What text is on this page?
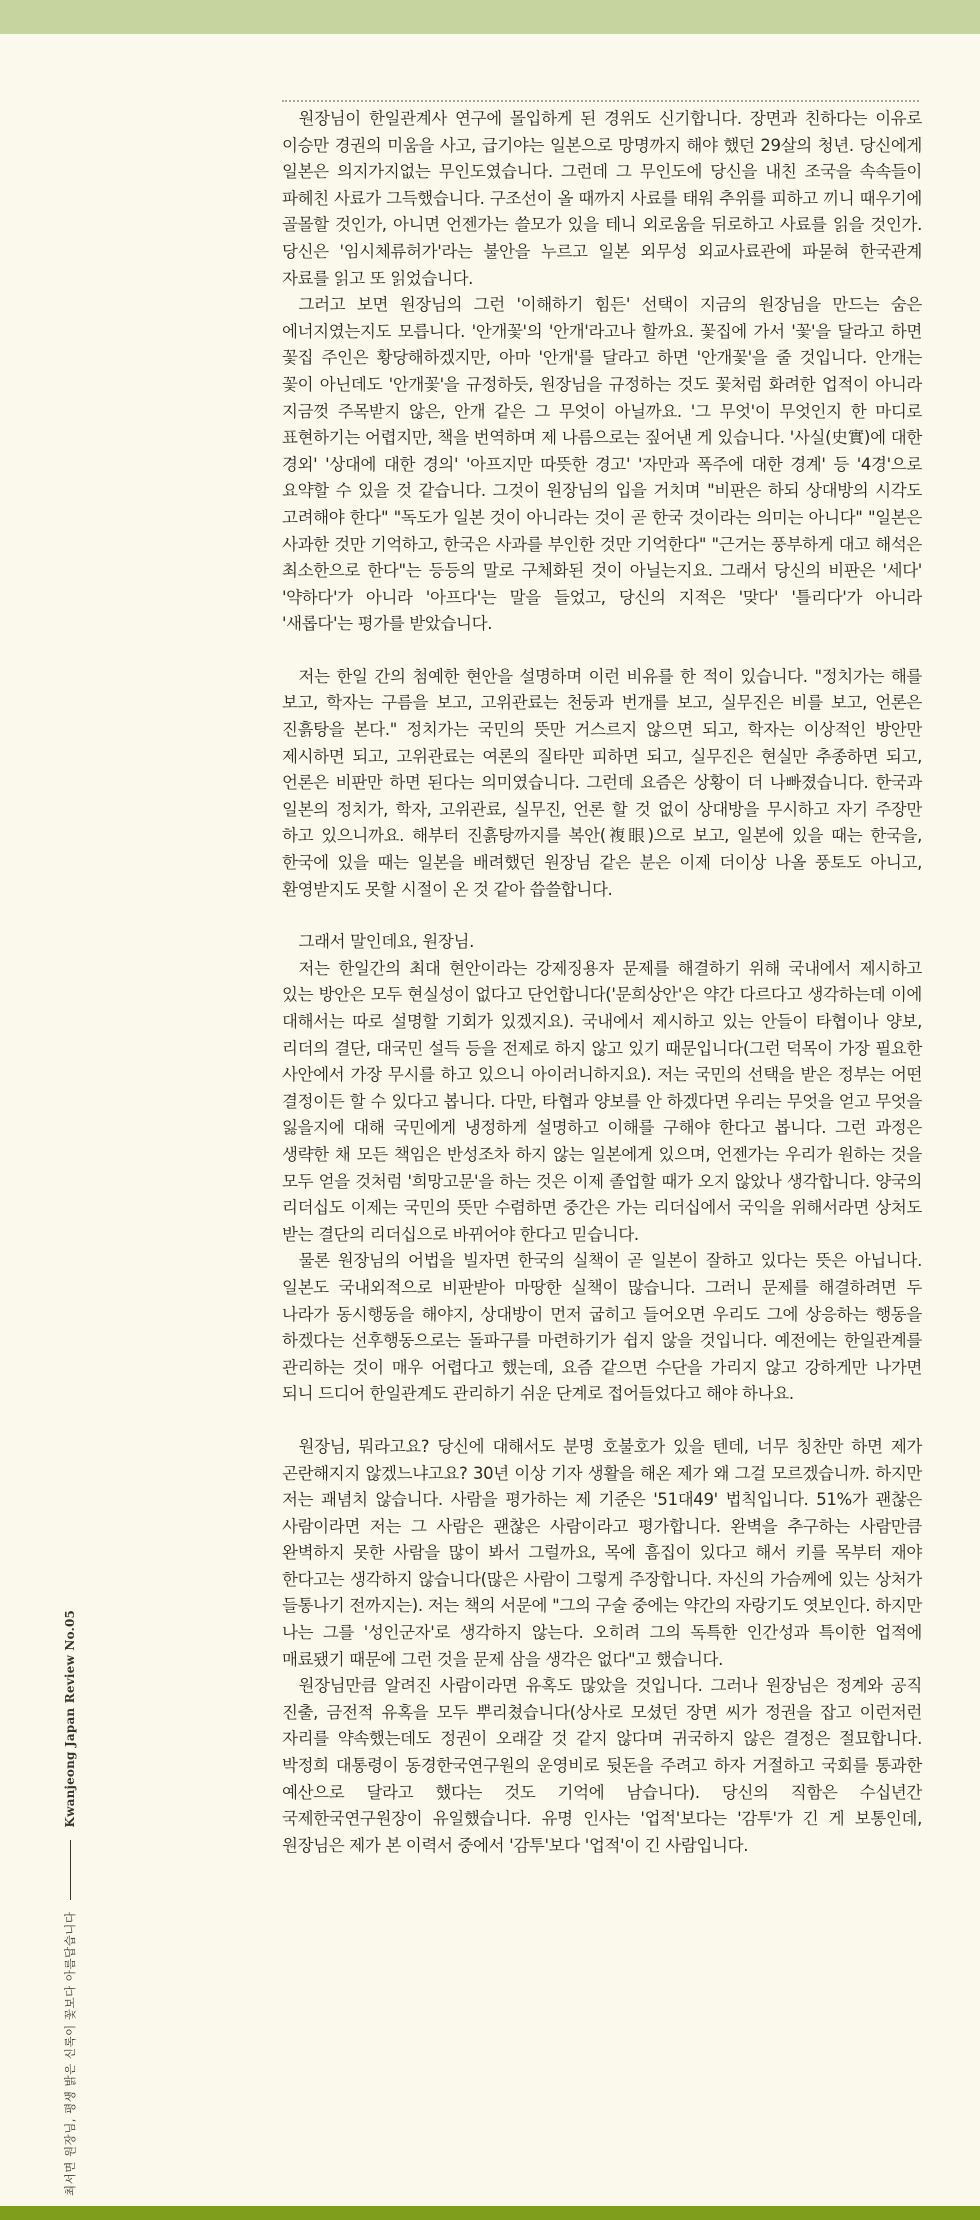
최서면 원장님, 평생 밝은 신록이 꽃보다 아름답습니다
Kwanjeong Japan Review No.05

원장님이 한일관계사 연구에 몰입하게 된 경위도 신기합니다. 장면과 친하다는 이유로 이승만 경권의 미움을 사고, 급기야는 일본으로 망명까지 해야 했던 29살의 청년. 당신에게 일본은 의지가지없는 무인도였습니다. 그런데 그 무인도에 당신을 내친 조국을 속속들이 파헤친 사료가 그득했습니다. 구조선이 올 때까지 사료를 태워 추위를 피하고 끼니 때우기에 골몰할 것인가, 아니면 언젠가는 쓸모가 있을 테니 외로움을 뒤로하고 사료를 읽을 것인가. 당신은 '임시체류허가'라는 불안을 누르고 일본 외무성 외교사료관에 파묻혀 한국관계 자료를 읽고 또 읽었습니다.

그러고 보면 원장님의 그런 '이해하기 힘든' 선택이 지금의 원장님을 만드는 숨은 에너지였는지도 모릅니다. '안개꽃'의 '안개'라고나 할까요. 꽃집에 가서 '꽃'을 달라고 하면 꽃집 주인은 황당해하겠지만, 아마 '안개'를 달라고 하면 '안개꽃'을 줄 것입니다. 안개는 꽃이 아닌데도 '안개꽃'을 규정하듯, 원장님을 규정하는 것도 꽃처럼 화려한 업적이 아니라 지금껏 주목받지 않은, 안개 같은 그 무엇이 아닐까요. '그 무엇'이 무엇인지 한 마디로 표현하기는 어렵지만, 책을 번역하며 제 나름으로는 짚어낸 게 있습니다. '사실(史實)에 대한 경외' '상대에 대한 경의' '아프지만 따뜻한 경고' '자만과 폭주에 대한 경계' 등 '4경'으로 요약할 수 있을 것 같습니다. 그것이 원장님의 입을 거치며 "비판은 하되 상대방의 시각도 고려해야 한다" "독도가 일본 것이 아니라는 것이 곧 한국 것이라는 의미는 아니다" "일본은 사과한 것만 기억하고, 한국은 사과를 부인한 것만 기억한다" "근거는 풍부하게 대고 해석은 최소한으로 한다"는 등등의 말로 구체화된 것이 아닐는지요. 그래서 당신의 비판은 '세다' '약하다'가 아니라 '아프다'는 말을 들었고, 당신의 지적은 '맞다' '틀리다'가 아니라 '새롭다'는 평가를 받았습니다.

저는 한일 간의 첨예한 현안을 설명하며 이런 비유를 한 적이 있습니다. "정치가는 해를 보고, 학자는 구름을 보고, 고위관료는 천둥과 번개를 보고, 실무진은 비를 보고, 언론은 진흙탕을 본다." 정치가는 국민의 뜻만 거스르지 않으면 되고, 학자는 이상적인 방안만 제시하면 되고, 고위관료는 여론의 질타만 피하면 되고, 실무진은 현실만 추종하면 되고, 언론은 비판만 하면 된다는 의미였습니다. 그런데 요즘은 상황이 더 나빠졌습니다. 한국과 일본의 정치가, 학자, 고위관료, 실무진, 언론 할 것 없이 상대방을 무시하고 자기 주장만 하고 있으니까요. 해부터 진흙탕까지를 복안(複眼)으로 보고, 일본에 있을 때는 한국을, 한국에 있을 때는 일본을 배려했던 원장님 같은 분은 이제 더이상 나올 풍토도 아니고, 환영받지도 못할 시절이 온 것 같아 씁쓸합니다.

그래서 말인데요, 원장님.

저는 한일간의 최대 현안이라는 강제징용자 문제를 해결하기 위해 국내에서 제시하고 있는 방안은 모두 현실성이 없다고 단언합니다('문희상안'은 약간 다르다고 생각하는데 이에 대해서는 따로 설명할 기회가 있겠지요). 국내에서 제시하고 있는 안들이 타협이나 양보, 리더의 결단, 대국민 설득 등을 전제로 하지 않고 있기 때문입니다(그런 덕목이 가장 필요한 사안에서 가장 무시를 하고 있으니 아이러니하지요). 저는 국민의 선택을 받은 정부는 어떤 결정이든 할 수 있다고 봅니다. 다만, 타협과 양보를 안 하겠다면 우리는 무엇을 얻고 무엇을 잃을지에 대해 국민에게 냉정하게 설명하고 이해를 구해야 한다고 봅니다. 그런 과정은 생략한 채 모든 책임은 반성조차 하지 않는 일본에게 있으며, 언젠가는 우리가 원하는 것을 모두 얻을 것처럼 '희망고문'을 하는 것은 이제 졸업할 때가 오지 않았나 생각합니다. 양국의 리더십도 이제는 국민의 뜻만 수렴하면 중간은 가는 리더십에서 국익을 위해서라면 상처도 받는 결단의 리더십으로 바뀌어야 한다고 믿습니다.

물론 원장님의 어법을 빌자면 한국의 실책이 곧 일본이 잘하고 있다는 뜻은 아닙니다. 일본도 국내외적으로 비판받아 마땅한 실책이 많습니다. 그러니 문제를 해결하려면 두 나라가 동시행동을 해야지, 상대방이 먼저 굽히고 들어오면 우리도 그에 상응하는 행동을 하겠다는 선후행동으로는 돌파구를 마련하기가 쉽지 않을 것입니다. 예전에는 한일관계를 관리하는 것이 매우 어렵다고 했는데, 요즘 같으면 수단을 가리지 않고 강하게만 나가면 되니 드디어 한일관계도 관리하기 쉬운 단계로 접어들었다고 해야 하나요.

원장님, 뭐라고요? 당신에 대해서도 분명 호불호가 있을 텐데, 너무 칭찬만 하면 제가 곤란해지지 않겠느냐고요? 30년 이상 기자 생활을 해온 제가 왜 그걸 모르겠습니까. 하지만 저는 괘념치 않습니다. 사람을 평가하는 제 기준은 '51대49' 법칙입니다. 51%가 괜찮은 사람이라면 저는 그 사람은 괜찮은 사람이라고 평가합니다. 완벽을 추구하는 사람만큼 완벽하지 못한 사람을 많이 봐서 그럴까요, 목에 흠집이 있다고 해서 키를 목부터 재야 한다고는 생각하지 않습니다(많은 사람이 그렇게 주장합니다. 자신의 가슴께에 있는 상처가 들통나기 전까지는). 저는 책의 서문에 "그의 구술 중에는 약간의 자랑기도 엿보인다. 하지만 나는 그를 '성인군자'로 생각하지 않는다. 오히려 그의 독특한 인간성과 특이한 업적에 매료됐기 때문에 그런 것을 문제 삼을 생각은 없다"고 했습니다.

원장님만큼 알려진 사람이라면 유혹도 많았을 것입니다. 그러나 원장님은 정계와 공직 진출, 금전적 유혹을 모두 뿌리쳤습니다(상사로 모셨던 장면 씨가 정권을 잡고 이런저런 자리를 약속했는데도 정권이 오래갈 것 같지 않다며 귀국하지 않은 결정은 절묘합니다. 박정희 대통령이 동경한국연구원의 운영비로 뒷돈을 주려고 하자 거절하고 국회를 통과한 예산으로 달라고 했다는 것도 기억에 남습니다). 당신의 직함은 수십년간 국제한국연구원장이 유일했습니다. 유명 인사는 '업적'보다는 '감투'가 긴 게 보통인데, 원장님은 제가 본 이력서 중에서 '감투'보다 '업적'이 긴 사람입니다.
